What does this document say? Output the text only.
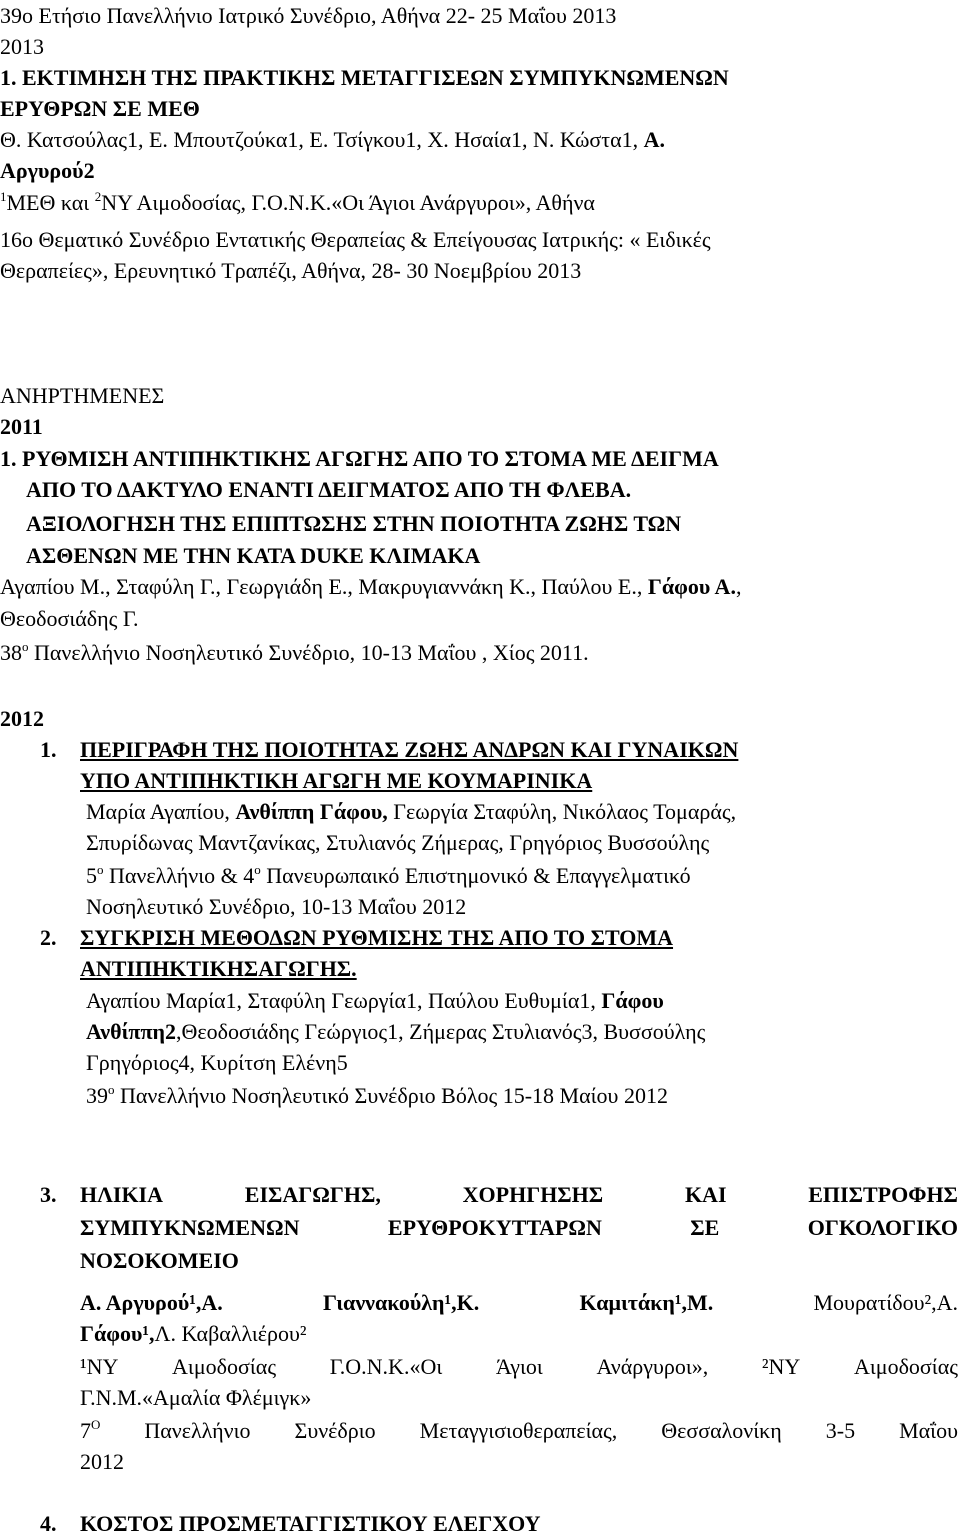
39ο Ετήσιο Πανελλήνιο Ιατρικό Συνέδριο, Αθήνα 22- 25 Μαΐου 2013
2013
1. ΕΚΤΙΜΗΣΗ ΤΗΣ ΠΡΑΚΤΙΚΗΣ ΜΕΤΑΓΓΙΣΕΩΝ ΣΥΜΠΥΚΝΩΜΕΝΩΝ
ΕΡΥΘΡΩΝ ΣΕ ΜΕΘ
Θ. Κατσούλας1, Ε. Μπουτζούκα1, Ε. Τσίγκου1, Χ. Ησαία1, Ν. Κώστα1, Α.
Αργυρού2
$^1$ΜΕΘ και $^2$ΝΥ Αιμοδοσίας, Γ.Ο.Ν.Κ.«Οι Άγιοι Ανάργυροι», Αθήνα
16ο Θεματικό Συνέδριο Εντατικής Θεραπείας & Επείγουσας Ιατρικής: « Ειδικές
Θεραπείες», Ερευνητικό Τραπέζι, Αθήνα, 28- 30 Νοεμβρίου 2013
ΑΝΗΡΤΗΜΕΝΕΣ
2011
1. ΡΥΘΜΙΣΗ ΑΝΤΙΠΗΚΤΙΚΗΣ ΑΓΩΓΗΣ ΑΠΟ ΤΟ ΣΤΟΜΑ ΜΕ ΔΕΙΓΜΑ
ΑΠΟ ΤΟ ΔΑΚΤΥΛΟ ΕΝΑΝΤΙ ΔΕΙΓΜΑΤΟΣ ΑΠΟ ΤΗ ΦΛΕΒΑ.
ΑΞΙΟΛΟΓΗΣΗ ΤΗΣ ΕΠΙΠΤΩΣΗΣ ΣΤΗΝ ΠΟΙΟΤΗΤΑ ΖΩΗΣ ΤΩΝ
ΑΣΘΕΝΩΝ ΜΕ ΤΗΝ ΚΑΤΑ DUKE ΚΛΙΜΑΚΑ
Αγαπίου Μ., Σταφύλη Γ., Γεωργιάδη Ε., Μακρυγιαννάκη Κ., Παύλου Ε., Γάφου Α.,
Θεοδοσιάδης Γ.
$38^o$ Πανελλήνιο Νοσηλευτικό Συνέδριο, 10-13 Μαΐου , Χίος 2011.
2012
1. ΠΕΡΙΓΡΑΦΗ ΤΗΣ ΠΟΙΟΤΗΤΑΣ ΖΩΗΣ ΑΝΔΡΩΝ ΚΑΙ ΓΥΝΑΙΚΩΝ
ΥΠΟ ΑΝΤΙΠΗΚΤΙΚΗ ΑΓΩΓΗ ΜΕ ΚΟΥΜΑΡΙΝΙΚΑ
Μαρία Αγαπίου, Ανθίππη Γάφου, Γεωργία Σταφύλη, Νικόλαος Τομαράς,
Σπυρίδωνας Μαντζανίκας, Στυλιανός Ζήμερας, Γρηγόριος Βυσσούλης
$5^o$ Πανελλήνιο & $4^o$ Πανευρωπαικό Επιστημονικό & Επαγγελματικό
Νοσηλευτικό Συνέδριο, 10-13 Μαΐου 2012
2. ΣΥΓΚΡΙΣΗ ΜΕΘΟΔΩΝ ΡΥΘΜΙΣΗΣ ΤΗΣ ΑΠΟ ΤΟ ΣΤΟΜΑ
ΑΝΤΙΠΗΚΤΙΚΗΣΑΓΩΓΗΣ.
Αγαπίου Μαρία1, Σταφύλη Γεωργία1, Παύλου Ευθυμία1, Γάφου
Ανθίππη2,Θεοδοσιάδης Γεώργιος1, Ζήμερας Στυλιανός3, Βυσσούλης
Γρηγόριος4, Κυρίτση Ελένη5
$39^o$ Πανελλήνιο Νοσηλευτικό Συνέδριο Βόλος 15-18 Μαίου 2012
3. ΗΛΙΚΙΑ	ΕΙΣΑΓΩΓΗΣ,	ΧΟΡΗΓΗΣΗΣ	ΚΑΙ	ΕΠΙΣΤΡΟΦΗΣ
ΣΥΜΠΥΚΝΩΜΕΝΩΝ	ΕΡΥΘΡΟΚΥΤΤΑΡΩΝ	ΣΕ	ΟΓΚΟΛΟΓΙΚΟ
ΝΟΣΟΚΟΜΕΙΟ
Α. Αργυρού¹,Α.	Γιαννακούλη¹,Κ.	Καμιτάκη¹,Μ.	Μουρατίδου²,Α.
Γάφου¹,Λ. Καβαλλιέρου²
¹ΝΥ Αιμοδοσίας Γ.Ο.Ν.Κ.«Οι Άγιοι Ανάργυροι», ²ΝΥ Αιμοδοσίας
Γ.Ν.Μ.«Αμαλία Φλέμιγκ»
$7^O$ Πανελλήνιο Συνέδριο Μεταγγισιοθεραπείας, Θεσσαλονίκη 3-5 Μαΐου
2012
4. ΚΟΣΤΟΣ ΠΡΟΣΜΕΤΑΓΓΙΣΤΙΚΟΥ ΕΛΕΓΧΟΥ
